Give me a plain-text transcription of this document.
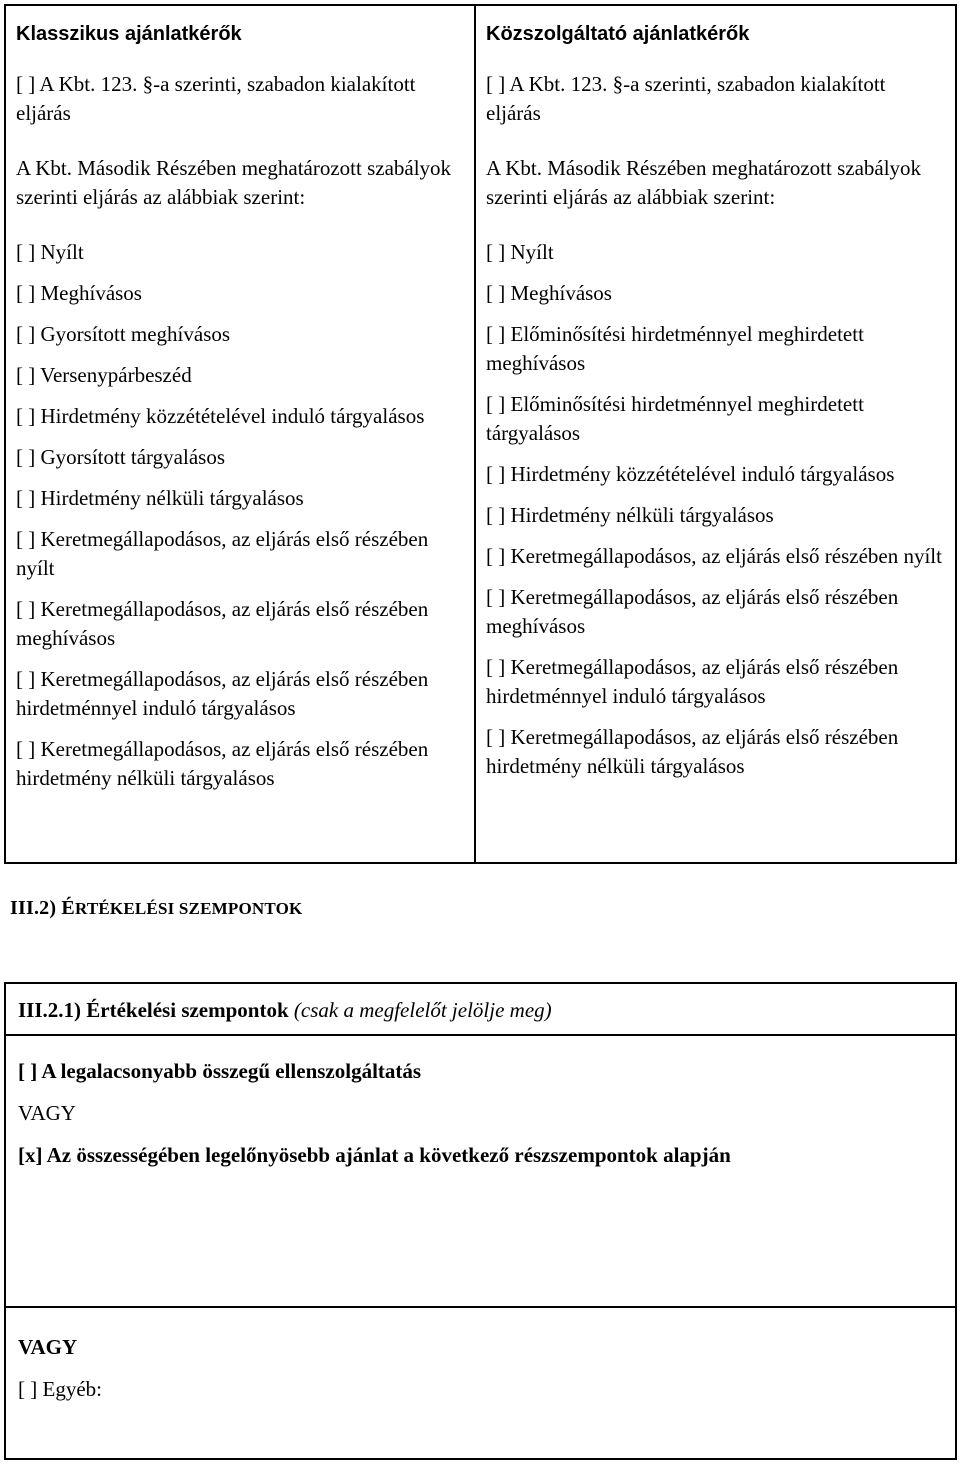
Klasszikus ajánlatkérők
[ ] A Kbt. 123. §-a szerinti, szabadon kialakított eljárás
A Kbt. Második Részében meghatározott szabályok szerinti eljárás az alábbiak szerint:
[ ] Nyílt
[ ] Meghívásos
[ ] Gyorsított meghívásos
[ ] Versenypárbeszéd
[ ] Hirdetmény közzétételével induló tárgyalásos
[ ] Gyorsított tárgyalásos
[ ] Hirdetmény nélküli tárgyalásos
[ ] Keretmegállapodásos, az eljárás első részében nyílt
[ ] Keretmegállapodásos, az eljárás első részében meghívásos
[ ] Keretmegállapodásos, az eljárás első részében hirdetménnyel induló tárgyalásos
[ ] Keretmegállapodásos, az eljárás első részében hirdetmény nélküli tárgyalásos
Közszolgáltató ajánlatkérők
[ ] A Kbt. 123. §-a szerinti, szabadon kialakított eljárás
A Kbt. Második Részében meghatározott szabályok szerinti eljárás az alábbiak szerint:
[ ] Nyílt
[ ] Meghívásos
[ ] Előminősítési hirdetménnyel meghirdetett meghívásos
[ ] Előminősítési hirdetménnyel meghirdetett tárgyalásos
[ ] Hirdetmény közzétételével induló tárgyalásos
[ ] Hirdetmény nélküli tárgyalásos
[ ] Keretmegállapodásos, az eljárás első részében nyílt
[ ] Keretmegállapodásos, az eljárás első részében meghívásos
[ ] Keretmegállapodásos, az eljárás első részében hirdetménnyel induló tárgyalásos
[ ] Keretmegállapodásos, az eljárás első részében hirdetmény nélküli tárgyalásos
III.2) ÉRTÉKELÉSI SZEMPONTOK
III.2.1) Értékelési szempontok (csak a megfelelőt jelölje meg)
[ ] A legalacsonyabb összegű ellenszolgáltatás
VAGY
[x] Az összességében legelőnyösebb ajánlat a következő részszempontok alapján
VAGY
[ ] Egyéb:
